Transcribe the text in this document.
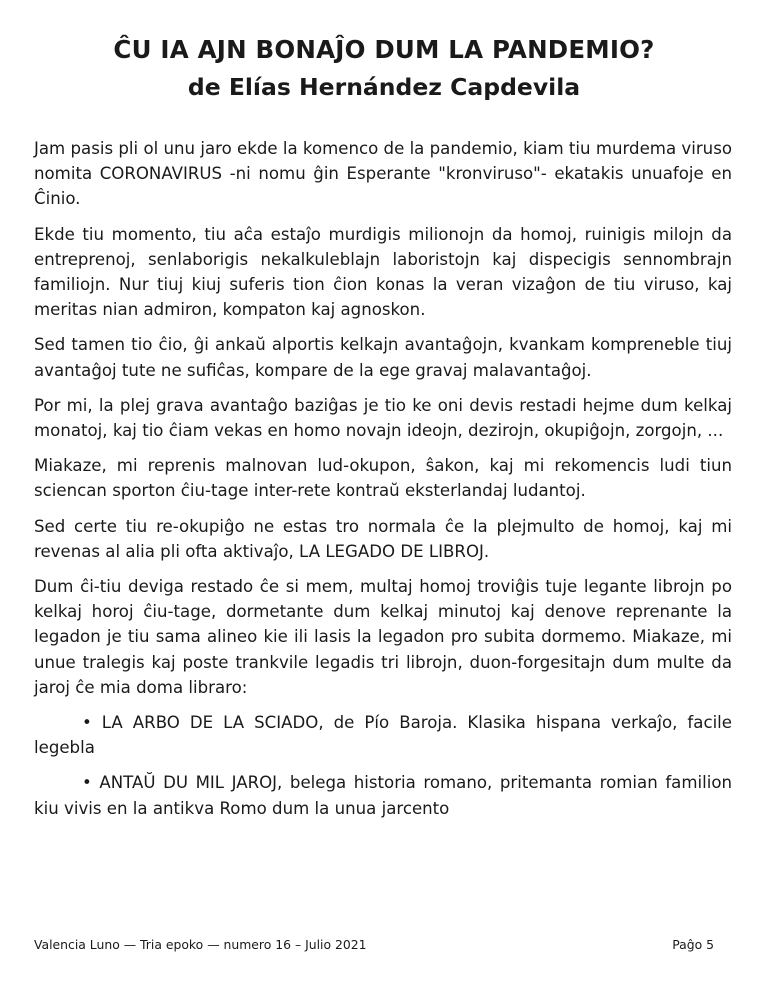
ĈU IA AJN BONAĴO DUM LA PANDEMIO?
de Elías Hernández Capdevila

Jam pasis pli ol unu jaro ekde la komenco de la pandemio, kiam tiu murdema viruso nomita CORONAVIRUS -ni nomu ĝin Esperante "kronviruso"- ekatakis unuafoje en Ĉinio.

Ekde tiu momento, tiu aĉa estaĵo murdigis milionojn da homoj, ruinigis milojn da entreprenoj, senlaborigis nekalkuleblajn laboristojn kaj dispecigis sennombrajn familiojn. Nur tiuj kiuj suferis tion ĉion konas la veran vizaĝon de tiu viruso, kaj meritas nian admiron, kompaton kaj agnoskon.

Sed tamen tio ĉio, ĝi ankaŭ alportis kelkajn avantaĝojn, kvankam kompreneble tiuj avantaĝoj tute ne sufiĉas, kompare de la ege gravaj malavantaĝoj.

Por mi, la plej grava avantaĝo baziĝas je tio ke oni devis restadi hejme dum kelkaj monatoj, kaj tio ĉiam vekas en homo novajn ideojn, dezirojn, okupiĝojn, zorgojn, ...

Miakaze, mi reprenis malnovan lud-okupon, ŝakon, kaj mi rekomencis ludi tiun sciencan sporton ĉiu-tage inter-rete kontraŭ eksterlandaj ludantoj.

Sed certe tiu re-okupiĝo ne estas tro normala ĉe la plejmulto de homoj, kaj mi revenas al alia pli ofta aktivaĵo, LA LEGADO DE LIBROJ.

Dum ĉi-tiu deviga restado ĉe si mem, multaj homoj troviĝis tuje legante librojn po kelkaj horoj ĉiu-tage, dormetante dum kelkaj minutoj kaj denove reprenante la legadon je tiu sama alineo kie ili lasis la legadon pro subita dormemo. Miakaze, mi unue tralegis kaj poste trankvile legadis tri librojn, duon-forgesitajn dum multe da jaroj ĉe mia doma libraro:

• LA ARBO DE LA SCIADO, de Pío Baroja. Klasika hispana verkaĵo, facile legebla

• ANTAŬ DU MIL JAROJ, belega historia romano, pritemanta romian familion kiu vivis en la antikva Romo dum la unua jarcento

Valencia Luno — Tria epoko — numero 16 – Julio 2021	Paĝo 5
